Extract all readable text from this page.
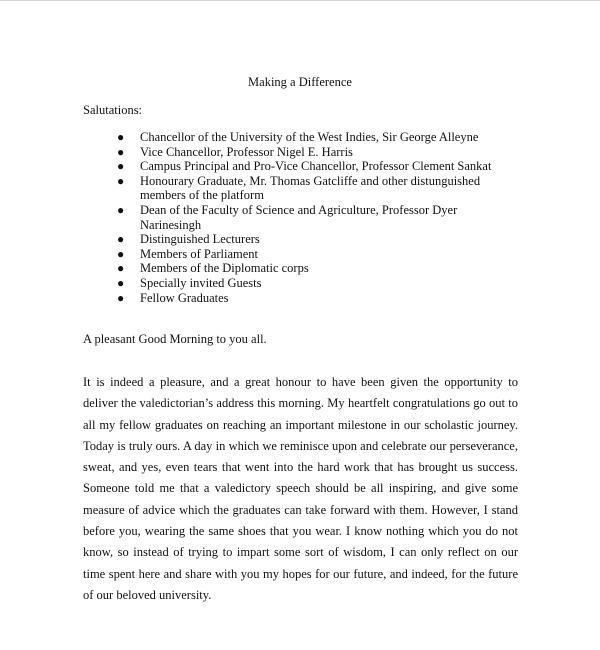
Making a Difference
Salutations:
● Chancellor of the University of the West Indies, Sir George Alleyne
● Vice Chancellor, Professor Nigel E. Harris
● Campus Principal and Pro-Vice Chancellor, Professor Clement Sankat
● Honourary Graduate, Mr. Thomas Gatcliffe and other distunguished members of the platform
● Dean of the Faculty of Science and Agriculture, Professor Dyer Narinesingh
● Distinguished Lecturers
● Members of Parliament
● Members of the Diplomatic corps
● Specially invited Guests
● Fellow Graduates
A pleasant Good Morning to you all.
It is indeed a pleasure, and a great honour to have been given the opportunity to deliver the valedictorian’s address this morning. My heartfelt congratulations go out to all my fellow graduates on reaching an important milestone in our scholastic journey. Today is truly ours. A day in which we reminisce upon and celebrate our perseverance, sweat, and yes, even tears that went into the hard work that has brought us success. Someone told me that a valedictory speech should be all inspiring, and give some measure of advice which the graduates can take forward with them. However, I stand before you, wearing the same shoes that you wear. I know nothing which you do not know, so instead of trying to impart some sort of wisdom, I can only reflect on our time spent here and share with you my hopes for our future, and indeed, for the future of our beloved university.
